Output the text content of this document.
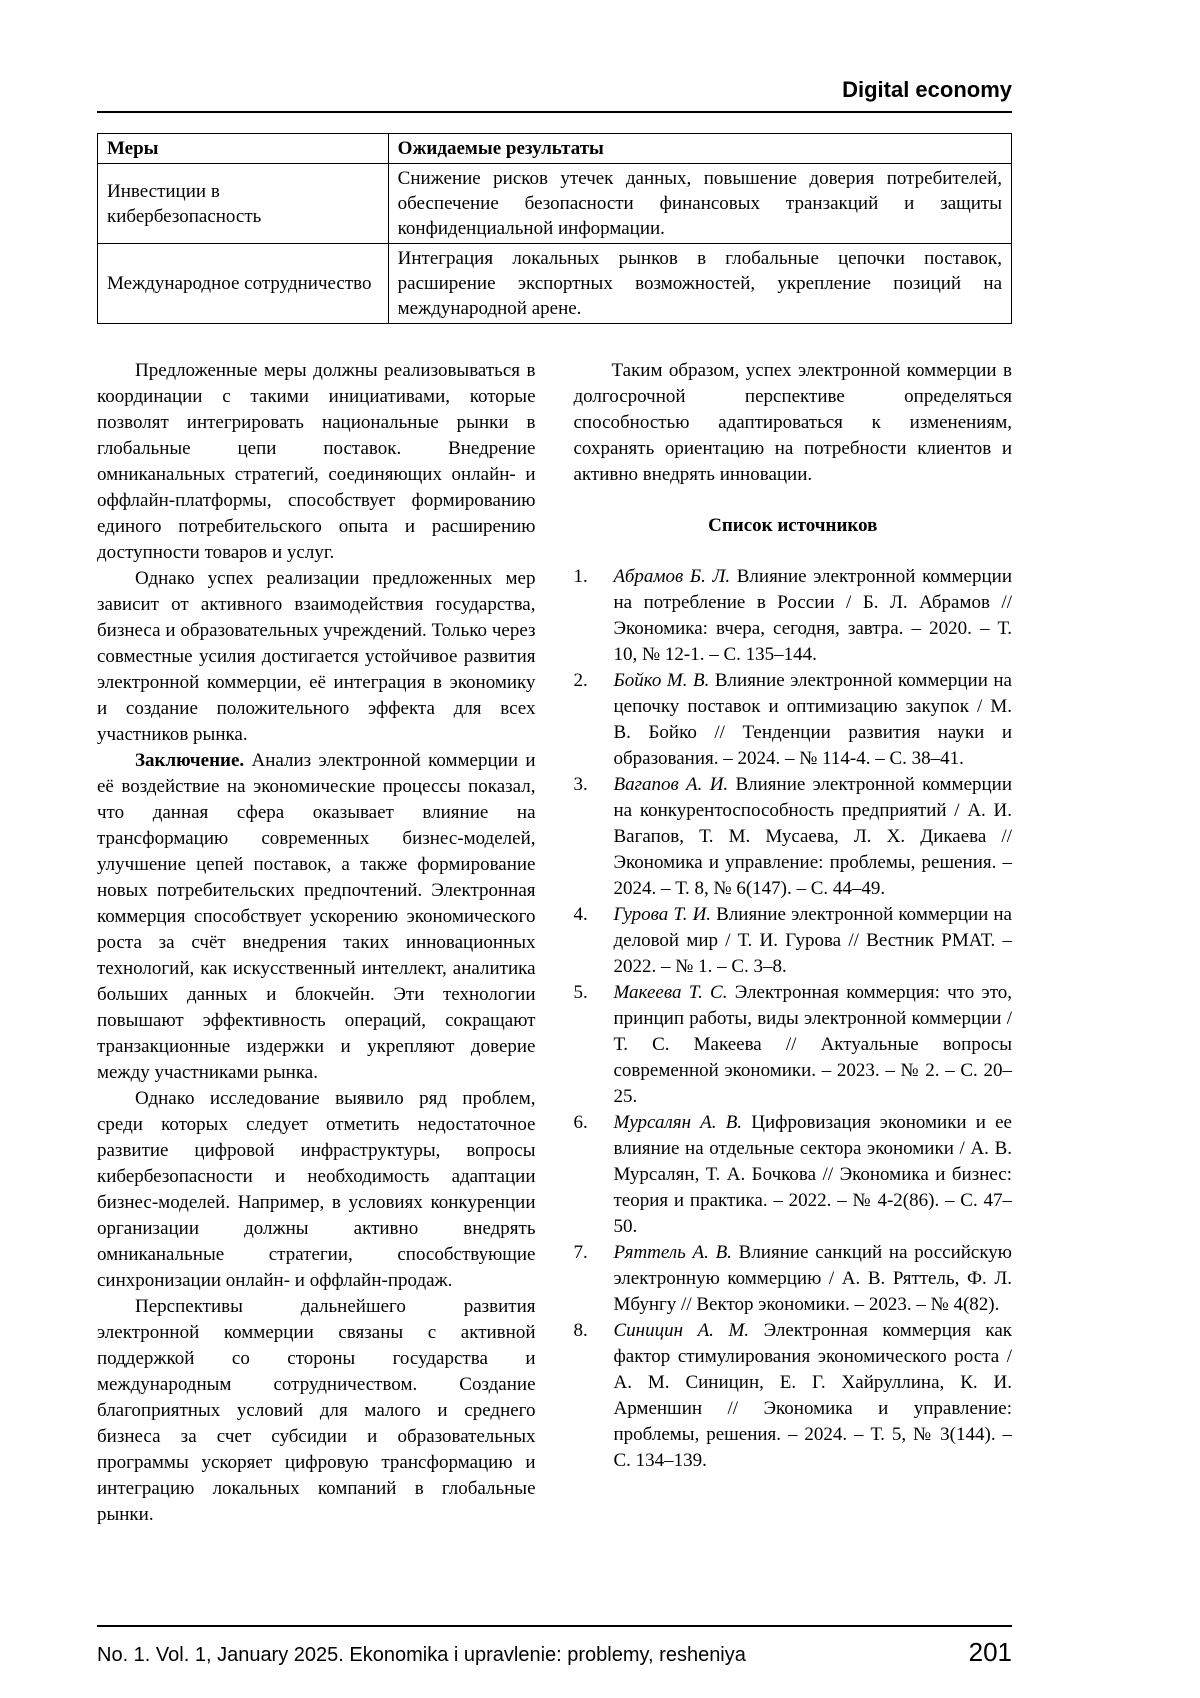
Digital economy
Меры	Ожидаемые результаты
Инвестиции в кибербезопасность	Снижение рисков утечек данных, повышение доверия потребителей, обеспечение безопасности финансовых транзакций и защиты конфиденциальной информации.
Международное сотрудничество	Интеграция локальных рынков в глобальные цепочки поставок, расширение экспортных возможностей, укрепление позиций на международной арене.

Предложенные меры должны реализовываться в координации с такими инициативами, которые позволят интегрировать национальные рынки в глобальные цепи поставок. Внедрение омниканальных стратегий, соединяющих онлайн- и оффлайн-платформы, способствует формированию единого потребительского опыта и расширению доступности товаров и услуг.

Однако успех реализации предложенных мер зависит от активного взаимодействия государства, бизнеса и образовательных учреждений. Только через совместные усилия достигается устойчивое развития электронной коммерции, её интеграция в экономику и создание положительного эффекта для всех участников рынка.

Заключение. Анализ электронной коммерции и её воздействие на экономические процессы показал, что данная сфера оказывает влияние на трансформацию современных бизнес-моделей, улучшение цепей поставок, а также формирование новых потребительских предпочтений. Электронная коммерция способствует ускорению экономического роста за счёт внедрения таких инновационных технологий, как искусственный интеллект, аналитика больших данных и блокчейн. Эти технологии повышают эффективность операций, сокращают транзакционные издержки и укрепляют доверие между участниками рынка.

Однако исследование выявило ряд проблем, среди которых следует отметить недостаточное развитие цифровой инфраструктуры, вопросы кибербезопасности и необходимость адаптации бизнес-моделей. Например, в условиях конкуренции организации должны активно внедрять омниканальные стратегии, способствующие синхронизации онлайн- и оффлайн-продаж.

Перспективы дальнейшего развития электронной коммерции связаны с активной поддержкой со стороны государства и международным сотрудничеством. Создание благоприятных условий для малого и среднего бизнеса за счет субсидии и образовательных программы ускоряет цифровую трансформацию и интеграцию локальных компаний в глобальные рынки.

Таким образом, успех электронной коммерции в долгосрочной перспективе определяться способностью адаптироваться к изменениям, сохранять ориентацию на потребности клиентов и активно внедрять инновации.

Список источников
1.	Абрамов Б. Л. Влияние электронной коммерции на потребление в России / Б. Л. Абрамов // Экономика: вчера, сегодня, завтра. – 2020. – Т. 10, № 12-1. – С. 135–144.
2.	Бойко М. В. Влияние электронной коммерции на цепочку поставок и оптимизацию закупок / М. В. Бойко // Тенденции развития науки и образования. – 2024. – № 114-4. – С. 38–41.
3.	Вагапов А. И. Влияние электронной коммерции на конкурентоспособность предприятий / А. И. Вагапов, Т. М. Мусаева, Л. Х. Дикаева // Экономика и управление: проблемы, решения. – 2024. – Т. 8, № 6(147). – С. 44–49.
4.	Гурова Т. И. Влияние электронной коммерции на деловой мир / Т. И. Гурова // Вестник РМАТ. – 2022. – № 1. – С. 3–8.
5.	Макеева Т. С. Электронная коммерция: что это, принцип работы, виды электронной коммерции / Т. С. Макеева // Актуальные вопросы современной экономики. – 2023. – № 2. – С. 20–25.
6.	Мурсалян А. В. Цифровизация экономики и ее влияние на отдельные сектора экономики / А. В. Мурсалян, Т. А. Бочкова // Экономика и бизнес: теория и практика. – 2022. – № 4-2(86). – С. 47–50.
7.	Ряттель А. В. Влияние санкций на российскую электронную коммерцию / А. В. Ряттель, Ф. Л. Мбунгу // Вектор экономики. – 2023. – № 4(82).
8.	Синицин А. М. Электронная коммерция как фактор стимулирования экономического роста / А. М. Синицин, Е. Г. Хайруллина, К. И. Арменшин // Экономика и управление: проблемы, решения. – 2024. – Т. 5, № 3(144). – С. 134–139.
No. 1. Vol. 1, January 2025. Ekonomika i upravlenie: problemy, resheniya	201
